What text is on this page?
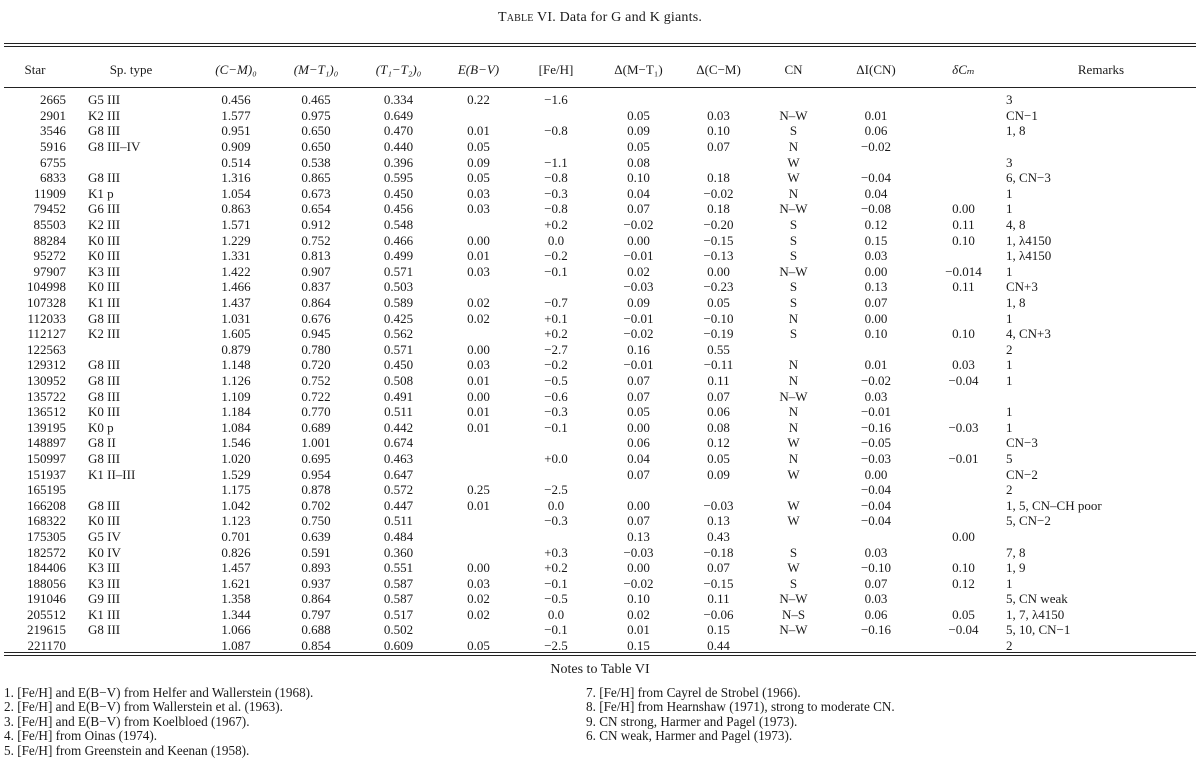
Table VI. Data for G and K giants.
Star	Sp. type	(C−M)₀	(M−T₁)₀	(T₁−T₂)₀	E(B−V)	[Fe/H]	Δ(M−T₁)	Δ(C−M)	CN	ΔI(CN)	δCₘ	Remarks
2665	G5 III	0.456	0.465	0.334	0.22	−1.6						3
2901	K2 III	1.577	0.975	0.649			0.05	0.03	N–W	0.01		CN−1
3546	G8 III	0.951	0.650	0.470	0.01	−0.8	0.09	0.10	S	0.06		1, 8
5916	G8 III–IV	0.909	0.650	0.440	0.05		0.05	0.07	N	−0.02		
6755		0.514	0.538	0.396	0.09	−1.1	0.08		W			3
6833	G8 III	1.316	0.865	0.595	0.05	−0.8	0.10	0.18	W	−0.04		6, CN−3
11909	K1 p	1.054	0.673	0.450	0.03	−0.3	0.04	−0.02	N	0.04		1
79452	G6 III	0.863	0.654	0.456	0.03	−0.8	0.07	0.18	N–W	−0.08	0.00	1
85503	K2 III	1.571	0.912	0.548		+0.2	−0.02	−0.20	S	0.12	0.11	4, 8
88284	K0 III	1.229	0.752	0.466	0.00	0.0	0.00	−0.15	S	0.15	0.10	1, λ4150
95272	K0 III	1.331	0.813	0.499	0.01	−0.2	−0.01	−0.13	S	0.03		1, λ4150
97907	K3 III	1.422	0.907	0.571	0.03	−0.1	0.02	0.00	N–W	0.00	−0.014	1
104998	K0 III	1.466	0.837	0.503			−0.03	−0.23	S	0.13	0.11	CN+3
107328	K1 III	1.437	0.864	0.589	0.02	−0.7	0.09	0.05	S	0.07		1, 8
112033	G8 III	1.031	0.676	0.425	0.02	+0.1	−0.01	−0.10	N	0.00		1
112127	K2 III	1.605	0.945	0.562		+0.2	−0.02	−0.19	S	0.10	0.10	4, CN+3
122563		0.879	0.780	0.571	0.00	−2.7	0.16	0.55				2
129312	G8 III	1.148	0.720	0.450	0.03	−0.2	−0.01	−0.11	N	0.01	0.03	1
130952	G8 III	1.126	0.752	0.508	0.01	−0.5	0.07	0.11	N	−0.02	−0.04	1
135722	G8 III	1.109	0.722	0.491	0.00	−0.6	0.07	0.07	N–W	0.03		
136512	K0 III	1.184	0.770	0.511	0.01	−0.3	0.05	0.06	N	−0.01		1
139195	K0 p	1.084	0.689	0.442	0.01	−0.1	0.00	0.08	N	−0.16	−0.03	1
148897	G8 II	1.546	1.001	0.674			0.06	0.12	W	−0.05		CN−3
150997	G8 III	1.020	0.695	0.463		+0.0	0.04	0.05	N	−0.03	−0.01	5
151937	K1 II–III	1.529	0.954	0.647			0.07	0.09	W	0.00		CN−2
165195		1.175	0.878	0.572	0.25	−2.5				−0.04		2
166208	G8 III	1.042	0.702	0.447	0.01	0.0	0.00	−0.03	W	−0.04		1, 5, CN–CH poor
168322	K0 III	1.123	0.750	0.511		−0.3	0.07	0.13	W	−0.04		5, CN−2
175305	G5 IV	0.701	0.639	0.484			0.13	0.43			0.00	
182572	K0 IV	0.826	0.591	0.360		+0.3	−0.03	−0.18	S	0.03		7, 8
184406	K3 III	1.457	0.893	0.551	0.00	+0.2	0.00	0.07	W	−0.10	0.10	1, 9
188056	K3 III	1.621	0.937	0.587	0.03	−0.1	−0.02	−0.15	S	0.07	0.12	1
191046	G9 III	1.358	0.864	0.587	0.02	−0.5	0.10	0.11	N–W	0.03		5, CN weak
205512	K1 III	1.344	0.797	0.517	0.02	0.0	0.02	−0.06	N–S	0.06	0.05	1, 7, λ4150
219615	G8 III	1.066	0.688	0.502		−0.1	0.01	0.15	N–W	−0.16	−0.04	5, 10, CN−1
221170		1.087	0.854	0.609	0.05	−2.5	0.15	0.44				2
Notes to Table VI
1. [Fe/H] and E(B−V) from Helfer and Wallerstein (1968).
2. [Fe/H] and E(B−V) from Wallerstein et al. (1963).
3. [Fe/H] and E(B−V) from Koelbloed (1967).
4. [Fe/H] from Oinas (1974).
5. [Fe/H] from Greenstein and Keenan (1958).
7. [Fe/H] from Cayrel de Strobel (1966).
8. [Fe/H] from Hearnshaw (1971), strong to moderate CN.
9. CN strong, Harmer and Pagel (1973).
6. CN weak, Harmer and Pagel (1973).
